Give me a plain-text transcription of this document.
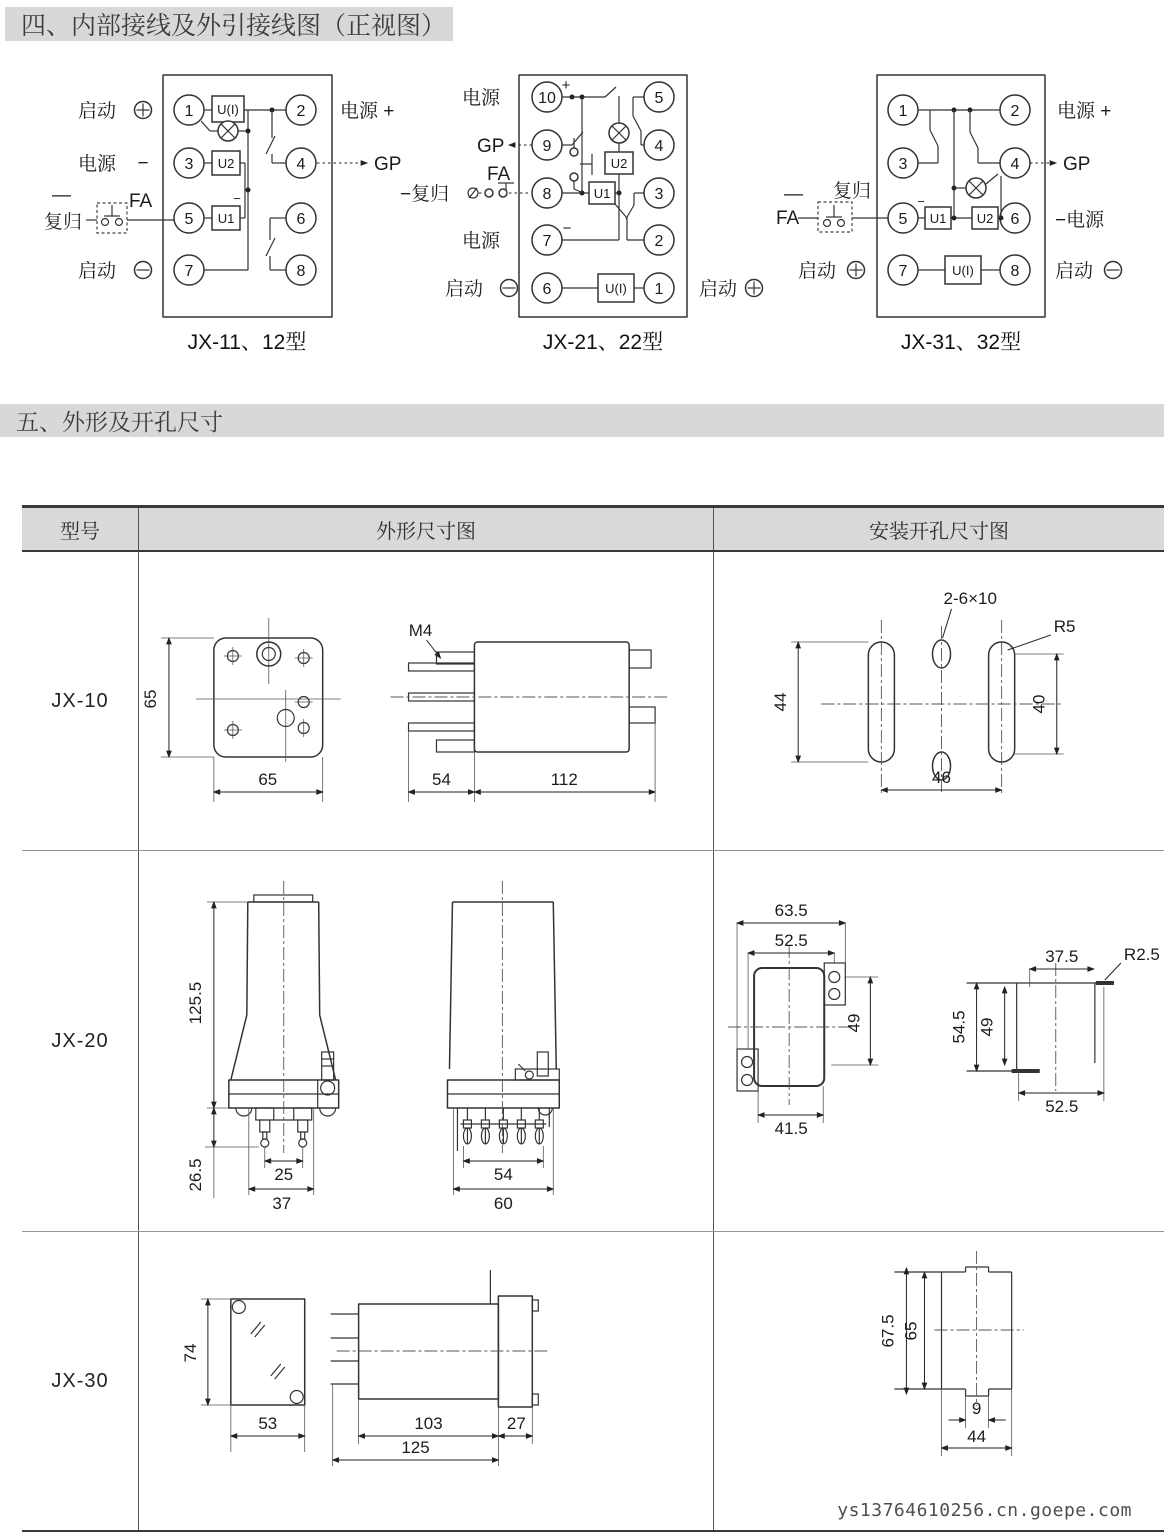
四、内部接线及外引接线图（正视图）
1
3
5
7
2
4
6
8
U(I)
U2
U1
−
启动
电源 −
—
复归
FA
启动
电源 +
GP
JX-11、12型
10
9
8
7
6
5
4
3
2
1
+
U2
U1
U(I)
−
电源
GP
FA
−复归
电源
启动	启动
JX-21、22型
1
3
5
7
2
4
6
8
U1 U2
U(I)
−
— 复归
FA
启动
电源 +
GP
−电源
启动
JX-31、32型
五、外形及开孔尺寸
型号	外形尺寸图	安装开孔尺寸图
JX-10	65
65
M4
54	112
44	40
46
2-6×10
R5
JX-20
125.5
26.5	25
37
54
60
63.5
52.5
49
41.5
37.5	R2.5
54.5 49
52.5
JX-30
74
53	103	27
125
67.5 65
9
44
ys13764610256.cn.goepe.com
